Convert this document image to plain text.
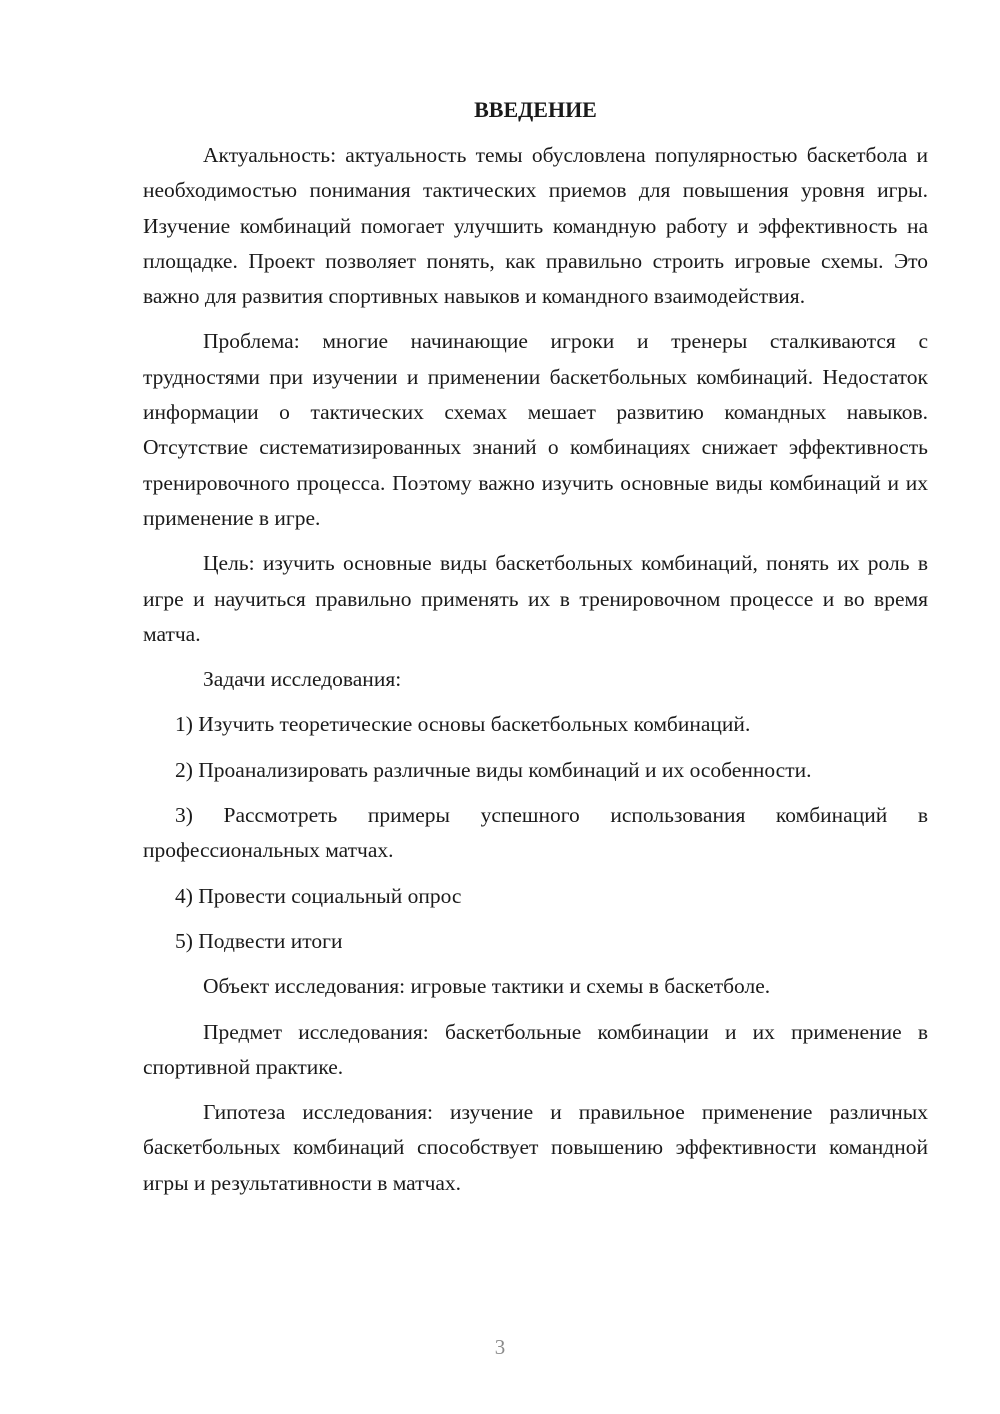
ВВЕДЕНИЕ

Актуальность: актуальность темы обусловлена популярностью баскетбола и необходимостью понимания тактических приемов для повышения уровня игры. Изучение комбинаций помогает улучшить командную работу и эффективность на площадке. Проект позволяет понять, как правильно строить игровые схемы. Это важно для развития спортивных навыков и командного взаимодействия.

Проблема: многие начинающие игроки и тренеры сталкиваются с трудностями при изучении и применении баскетбольных комбинаций. Недостаток информации о тактических схемах мешает развитию командных навыков. Отсутствие систематизированных знаний о комбинациях снижает эффективность тренировочного процесса. Поэтому важно изучить основные виды комбинаций и их применение в игре.

Цель: изучить основные виды баскетбольных комбинаций, понять их роль в игре и научиться правильно применять их в тренировочном процессе и во время матча.

Задачи исследования:

1) Изучить теоретические основы баскетбольных комбинаций.

2) Проанализировать различные виды комбинаций и их особенности.

3) Рассмотреть примеры успешного использования комбинаций в профессиональных матчах.

4) Провести социальный опрос

5) Подвести итоги

Объект исследования: игровые тактики и схемы в баскетболе.

Предмет исследования: баскетбольные комбинации и их применение в спортивной практике.

Гипотеза исследования: изучение и правильное применение различных баскетбольных комбинаций способствует повышению эффективности командной игры и результативности в матчах.

3
